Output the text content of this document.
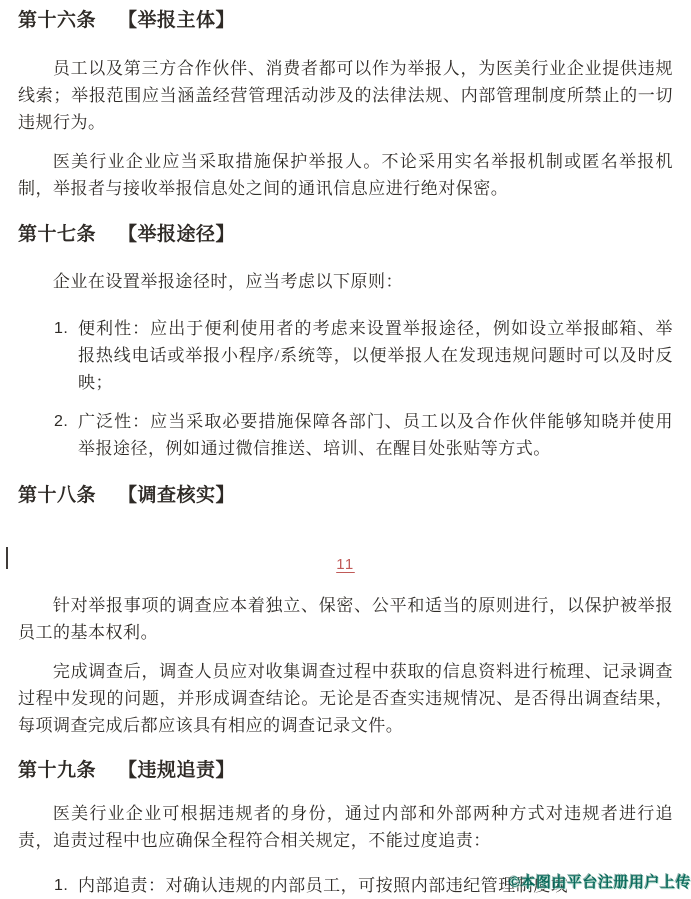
第十六条 【举报主体】

员工以及第三方合作伙伴、消费者都可以作为举报人，为医美行业企业提供违规线索；举报范围应当涵盖经营管理活动涉及的法律法规、内部管理制度所禁止的一切违规行为。

医美行业企业应当采取措施保护举报人。不论采用实名举报机制或匿名举报机制，举报者与接收举报信息处之间的通讯信息应进行绝对保密。

第十七条 【举报途径】

企业在设置举报途径时，应当考虑以下原则：

1. 便利性：应出于便利使用者的考虑来设置举报途径，例如设立举报邮箱、举报热线电话或举报小程序/系统等，以便举报人在发现违规问题时可以及时反映；
2. 广泛性：应当采取必要措施保障各部门、员工以及合作伙伴能够知晓并使用举报途径，例如通过微信推送、培训、在醒目处张贴等方式。
第十八条 【调查核实】
11

针对举报事项的调查应本着独立、保密、公平和适当的原则进行，以保护被举报员工的基本权利。

完成调查后，调查人员应对收集调查过程中获取的信息资料进行梳理、记录调查过程中发现的问题，并形成调查结论。无论是否查实违规情况、是否得出调查结果，每项调查完成后都应该具有相应的调查记录文件。

第十九条 【违规追责】

医美行业企业可根据违规者的身份，通过内部和外部两种方式对违规者进行追责，追责过程中也应确保全程符合相关规定，不能过度追责：

1. 内部追责：对确认违规的内部员工，可按照内部违纪管理制度或
©本图由平台注册用户上传
